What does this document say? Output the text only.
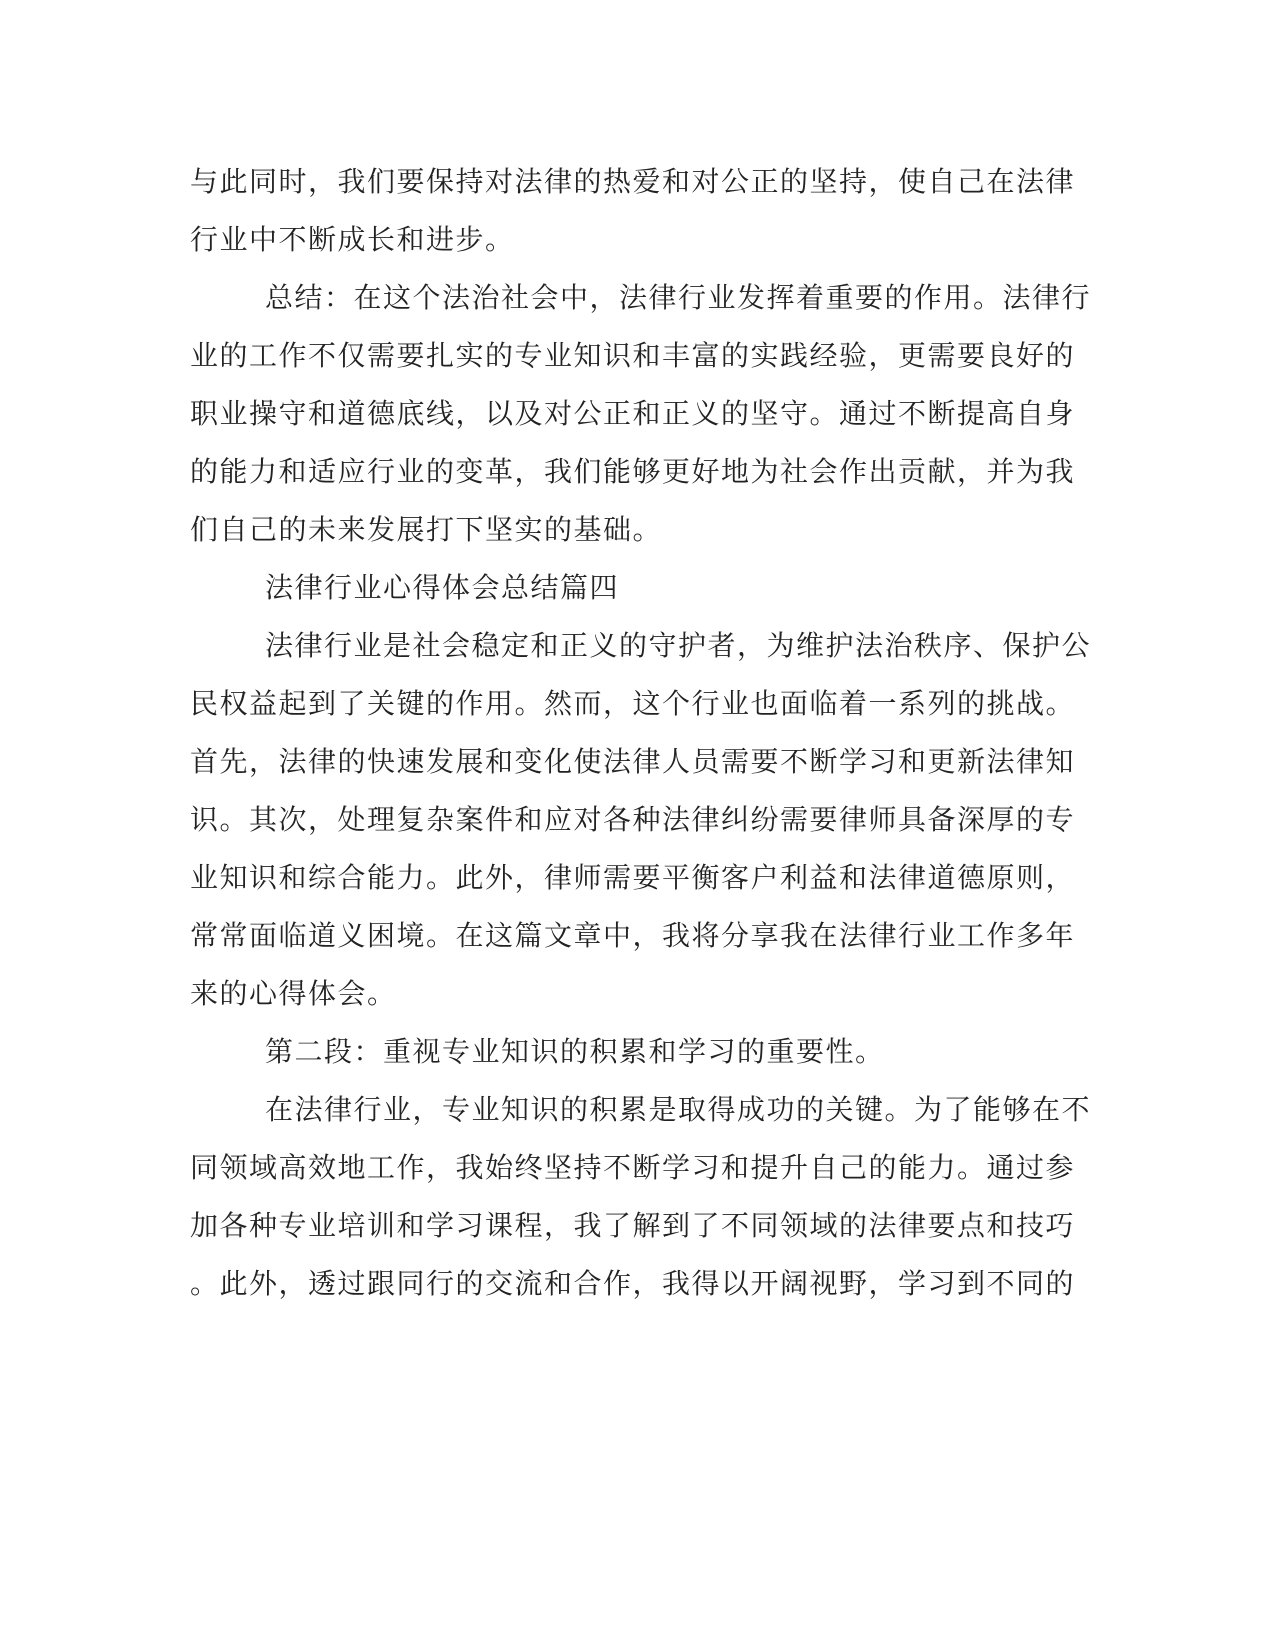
与此同时，我们要保持对法律的热爱和对公正的坚持，使自己在法律
行业中不断成长和进步。
总结：在这个法治社会中，法律行业发挥着重要的作用。法律行
业的工作不仅需要扎实的专业知识和丰富的实践经验，更需要良好的
职业操守和道德底线，以及对公正和正义的坚守。通过不断提高自身
的能力和适应行业的变革，我们能够更好地为社会作出贡献，并为我
们自己的未来发展打下坚实的基础。
法律行业心得体会总结篇四
法律行业是社会稳定和正义的守护者，为维护法治秩序、保护公
民权益起到了关键的作用。然而，这个行业也面临着一系列的挑战。
首先，法律的快速发展和变化使法律人员需要不断学习和更新法律知
识。其次，处理复杂案件和应对各种法律纠纷需要律师具备深厚的专
业知识和综合能力。此外，律师需要平衡客户利益和法律道德原则，
常常面临道义困境。在这篇文章中，我将分享我在法律行业工作多年
来的心得体会。
第二段：重视专业知识的积累和学习的重要性。
在法律行业，专业知识的积累是取得成功的关键。为了能够在不
同领域高效地工作，我始终坚持不断学习和提升自己的能力。通过参
加各种专业培训和学习课程，我了解到了不同领域的法律要点和技巧
。此外，透过跟同行的交流和合作，我得以开阔视野，学习到不同的
